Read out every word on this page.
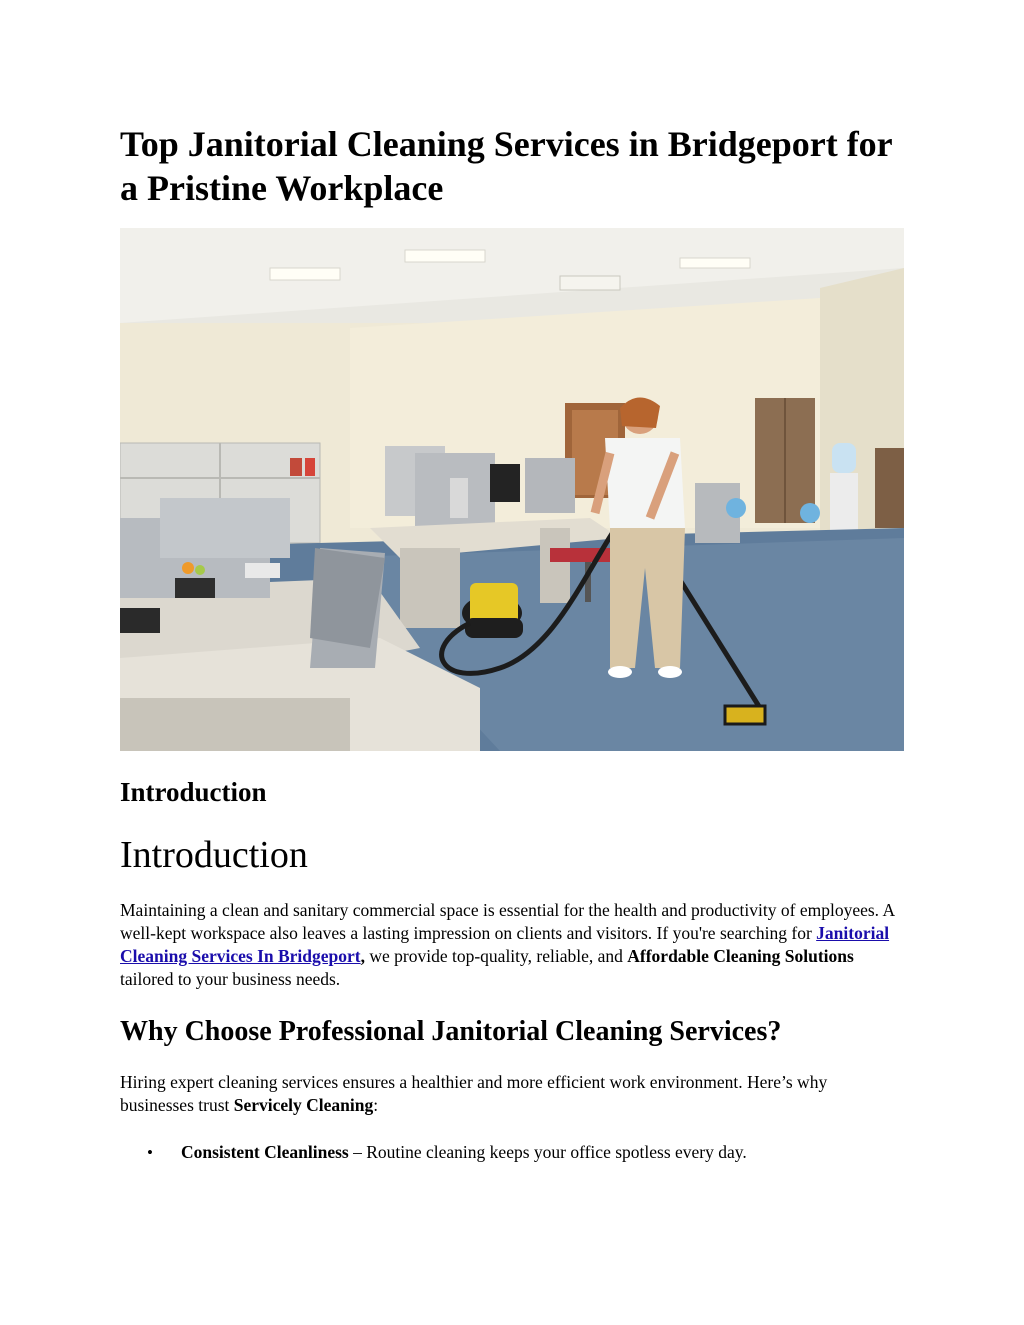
Top Janitorial Cleaning Services in Bridgeport for a Pristine Workplace
Introduction
Introduction

Maintaining a clean and sanitary commercial space is essential for the health and productivity of employees. A well-kept workspace also leaves a lasting impression on clients and visitors. If you're searching for Janitorial Cleaning Services In Bridgeport, we provide top-quality, reliable, and Affordable Cleaning Solutions tailored to your business needs.

Why Choose Professional Janitorial Cleaning Services?

Hiring expert cleaning services ensures a healthier and more efficient work environment. Here’s why businesses trust Servicely Cleaning:

• Consistent Cleanliness – Routine cleaning keeps your office spotless every day.
